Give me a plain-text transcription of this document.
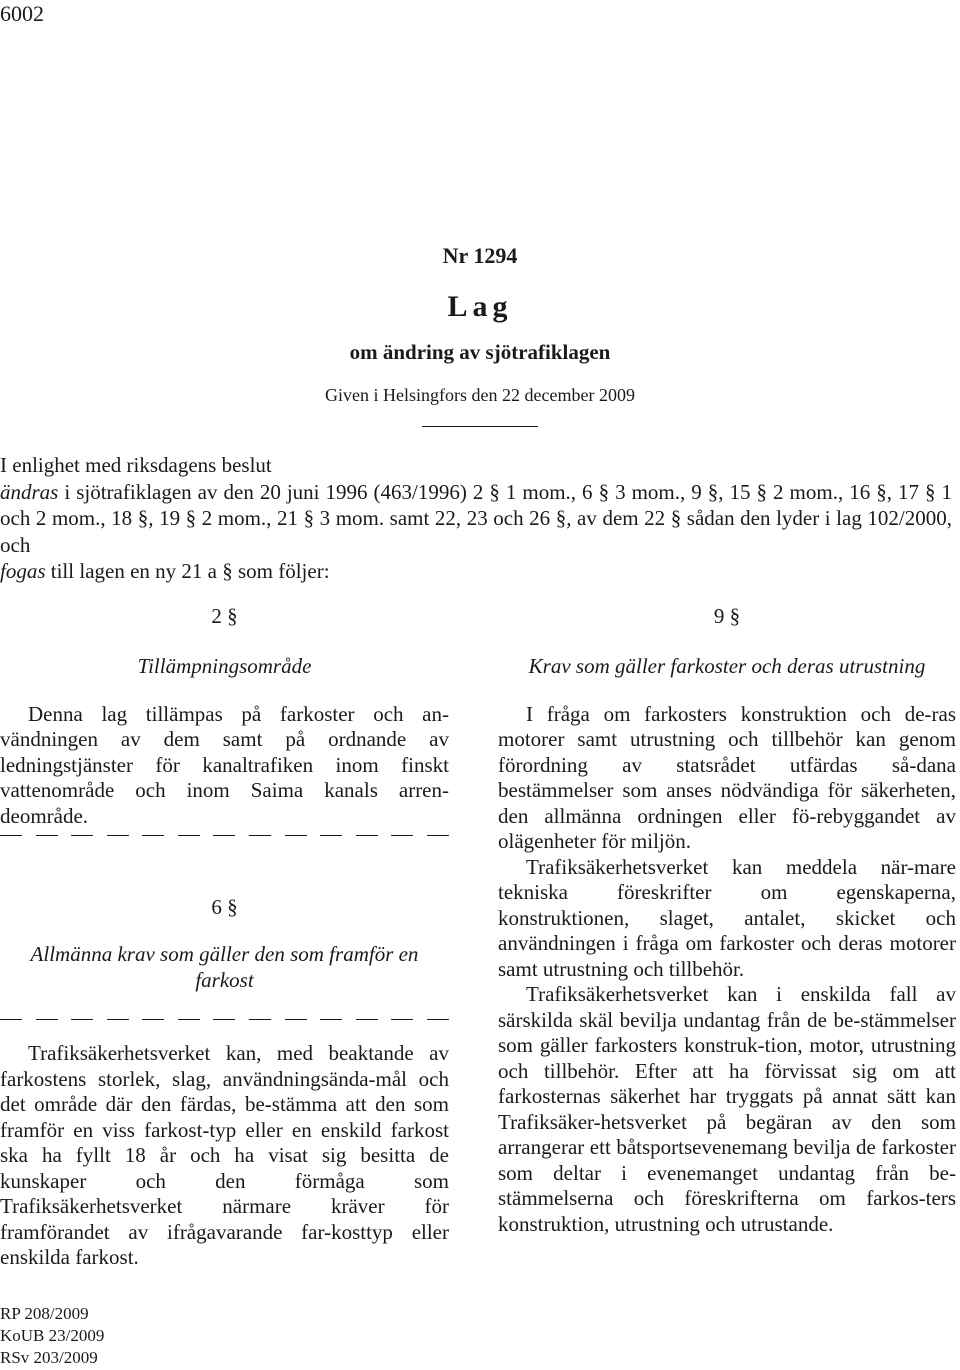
6002
Nr 1294
Lag
om ändring av sjötrafiklagen
Given i Helsingfors den 22 december 2009

I enlighet med riksdagens beslut

ändras i sjötrafiklagen av den 20 juni 1996 (463/1996) 2 § 1 mom., 6 § 3 mom., 9 §, 15 § 2 mom., 16 §, 17 § 1 och 2 mom., 18 §, 19 § 2 mom., 21 § 3 mom. samt 22, 23 och 26 §, av dem 22 § sådan den lyder i lag 102/2000, och

fogas till lagen en ny 21 a § som följer:

2 §

Tillämpningsområde

Denna lag tillämpas på farkoster och an-vändningen av dem samt på ordnande av ledningstjänster för kanaltrafiken inom finskt vattenområde och inom Saima kanals arren-deområde.

6 §

Allmänna krav som gäller den som framför en farkost

Trafiksäkerhetsverket kan, med beaktande av farkostens storlek, slag, användningsända-mål och det område där den färdas, be-stämma att den som framför en viss farkost-typ eller en enskild farkost ska ha fyllt 18 år och ha visat sig besitta de kunskaper och den förmåga som Trafiksäkerhetsverket närmare kräver för framförandet av ifrågavarande far-kosttyp eller enskilda farkost.

9 §

Krav som gäller farkoster och deras utrustning

I fråga om farkosters konstruktion och de-ras motorer samt utrustning och tillbehör kan genom förordning av statsrådet utfärdas så-dana bestämmelser som anses nödvändiga för säkerheten, den allmänna ordningen eller fö-rebyggandet av olägenheter för miljön.

Trafiksäkerhetsverket kan meddela när-mare tekniska föreskrifter om egenskaperna, konstruktionen, slaget, antalet, skicket och användningen i fråga om farkoster och deras motorer samt utrustning och tillbehör.

Trafiksäkerhetsverket kan i enskilda fall av särskilda skäl bevilja undantag från de be-stämmelser som gäller farkosters konstruk-tion, motor, utrustning och tillbehör. Efter att ha förvissat sig om att farkosternas säkerhet har tryggats på annat sätt kan Trafiksäker-hetsverket på begäran av den som arrangerar ett båtsportsevenemang bevilja de farkoster som deltar i evenemanget undantag från be-stämmelserna och föreskrifterna om farkos-ters konstruktion, utrustning och utrustande.

RP 208/2009
KoUB 23/2009
RSv 203/2009
